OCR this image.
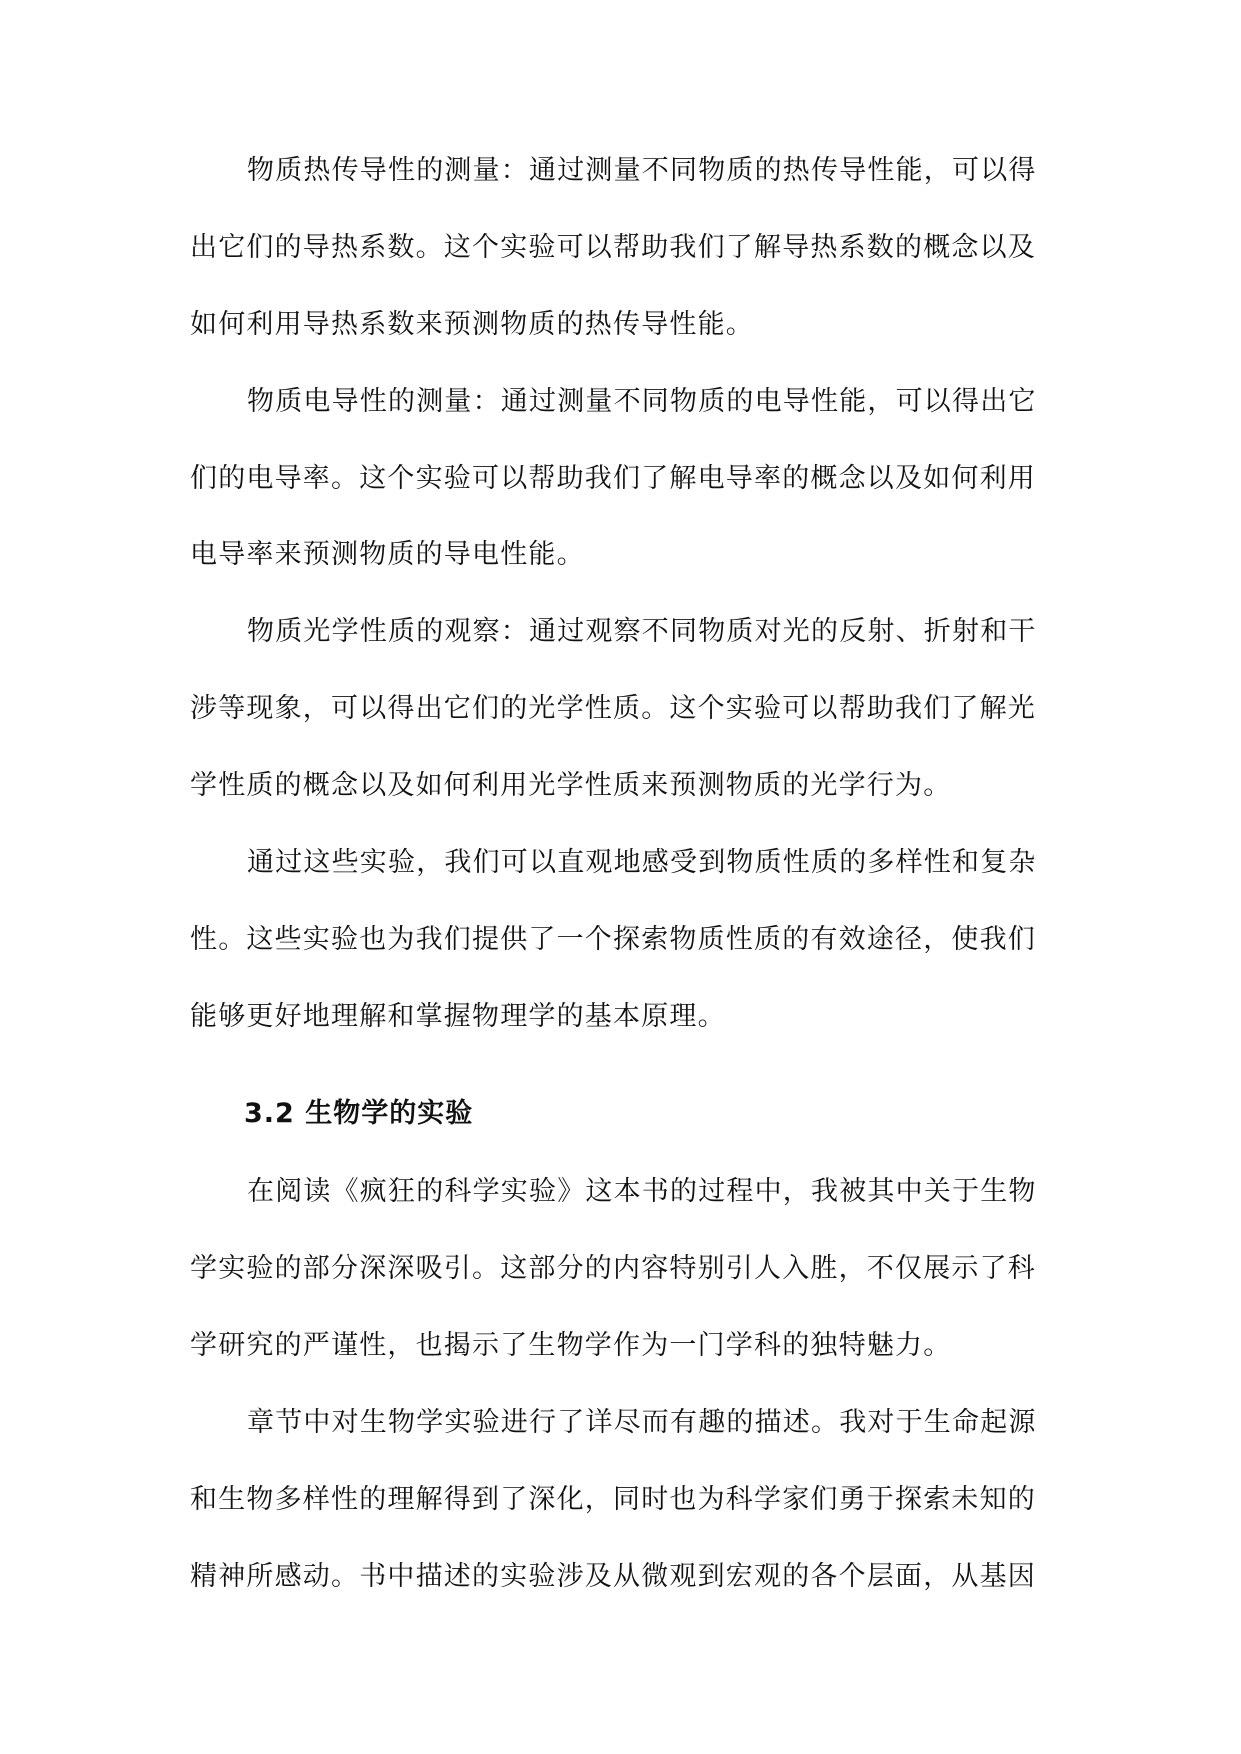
物质热传导性的测量：通过测量不同物质的热传导性能，可以得
出它们的导热系数。这个实验可以帮助我们了解导热系数的概念以及
如何利用导热系数来预测物质的热传导性能。
物质电导性的测量：通过测量不同物质的电导性能，可以得出它
们的电导率。这个实验可以帮助我们了解电导率的概念以及如何利用
电导率来预测物质的导电性能。
物质光学性质的观察：通过观察不同物质对光的反射、折射和干
涉等现象，可以得出它们的光学性质。这个实验可以帮助我们了解光
学性质的概念以及如何利用光学性质来预测物质的光学行为。
通过这些实验，我们可以直观地感受到物质性质的多样性和复杂
性。这些实验也为我们提供了一个探索物质性质的有效途径，使我们
能够更好地理解和掌握物理学的基本原理。
3.2 生物学的实验
在阅读《疯狂的科学实验》这本书的过程中，我被其中关于生物
学实验的部分深深吸引。这部分的内容特别引人入胜，不仅展示了科
学研究的严谨性，也揭示了生物学作为一门学科的独特魅力。
章节中对生物学实验进行了详尽而有趣的描述。我对于生命起源
和生物多样性的理解得到了深化，同时也为科学家们勇于探索未知的
精神所感动。书中描述的实验涉及从微观到宏观的各个层面，从基因
